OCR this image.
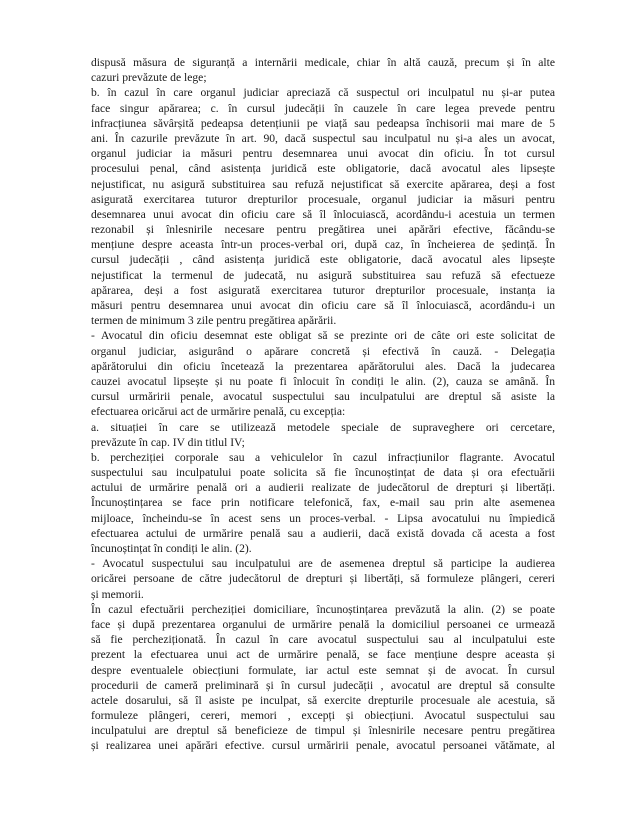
dispusă măsura de siguranță a internării medicale, chiar în altă cauză, precum și în alte
cazuri prevăzute de lege;
b. în cazul în care organul judiciar apreciază că suspectul ori inculpatul nu și-ar putea
face singur apărarea; c. în cursul judecății în cauzele în care legea prevede pentru
infracțiunea săvârșită pedeapsa detențiunii pe viață sau pedeapsa închisorii mai mare de 5
ani. În cazurile prevăzute în art. 90, dacă suspectul sau inculpatul nu și-a ales un avocat,
organul judiciar ia măsuri pentru desemnarea unui avocat din oficiu. În tot cursul
procesului penal, când asistența juridică este obligatorie, dacă avocatul ales lipsește
nejustificat, nu asigură substituirea sau refuză nejustificat să exercite apărarea, deși a fost
asigurată exercitarea tuturor drepturilor procesuale, organul judiciar ia măsuri pentru
desemnarea unui avocat din oficiu care să îl înlocuiască, acordându-i acestuia un termen
rezonabil și înlesnirile necesare pentru pregătirea unei apărări efective, făcându-se
mențiune despre aceasta într-un proces-verbal ori, după caz, în încheierea de ședință. În
cursul judecății , când asistența juridică este obligatorie, dacă avocatul ales lipsește
nejustificat la termenul de judecată, nu asigură substituirea sau refuză să efectueze
apărarea, deși a fost asigurată exercitarea tuturor drepturilor procesuale, instanța ia
măsuri pentru desemnarea unui avocat din oficiu care să îl înlocuiască, acordându-i un
termen de minimum 3 zile pentru pregătirea apărării.
- Avocatul din oficiu desemnat este obligat să se prezinte ori de câte ori este solicitat de
organul judiciar, asigurând o apărare concretă și efectivă în cauză. - Delegația
apărătorului din oficiu încetează la prezentarea apărătorului ales. Dacă la judecarea
cauzei avocatul lipsește și nu poate fi înlocuit în condiți le alin. (2), cauza se amână. În
cursul urmăririi penale, avocatul suspectului sau inculpatului are dreptul să asiste la
efectuarea oricărui act de urmărire penală, cu excepția:
a. situației în care se utilizează metodele speciale de supraveghere ori cercetare,
prevăzute în cap. IV din titlul IV;
b. percheziției corporale sau a vehiculelor în cazul infracțiunilor flagrante. Avocatul
suspectului sau inculpatului poate solicita să fie încunoștințat de data și ora efectuării
actului de urmărire penală ori a audierii realizate de judecătorul de drepturi și libertăți.
Încunoștințarea se face prin notificare telefonică, fax, e-mail sau prin alte asemenea
mijloace, încheindu-se în acest sens un proces-verbal. - Lipsa avocatului nu împiedică
efectuarea actului de urmărire penală sau a audierii, dacă există dovada că acesta a fost
încunoștințat în condiți le alin. (2).
- Avocatul suspectului sau inculpatului are de asemenea dreptul să participe la audierea
oricărei persoane de către judecătorul de drepturi și libertăți, să formuleze plângeri, cereri
și memorii.
În cazul efectuării percheziției domiciliare, încunoștințarea prevăzută la alin. (2) se poate
face și după prezentarea organului de urmărire penală la domiciliul persoanei ce urmează
să fie percheziționată. În cazul în care avocatul suspectului sau al inculpatului este
prezent la efectuarea unui act de urmărire penală, se face mențiune despre aceasta și
despre eventualele obiecțiuni formulate, iar actul este semnat și de avocat. În cursul
procedurii de cameră preliminară și în cursul judecății , avocatul are dreptul să consulte
actele dosarului, să îl asiste pe inculpat, să exercite drepturile procesuale ale acestuia, să
formuleze plângeri, cereri, memori , excepți și obiecțiuni. Avocatul suspectului sau
inculpatului are dreptul să beneficieze de timpul și înlesnirile necesare pentru pregătirea
și realizarea unei apărări efective. cursul urmăririi penale, avocatul persoanei vătămate, al
